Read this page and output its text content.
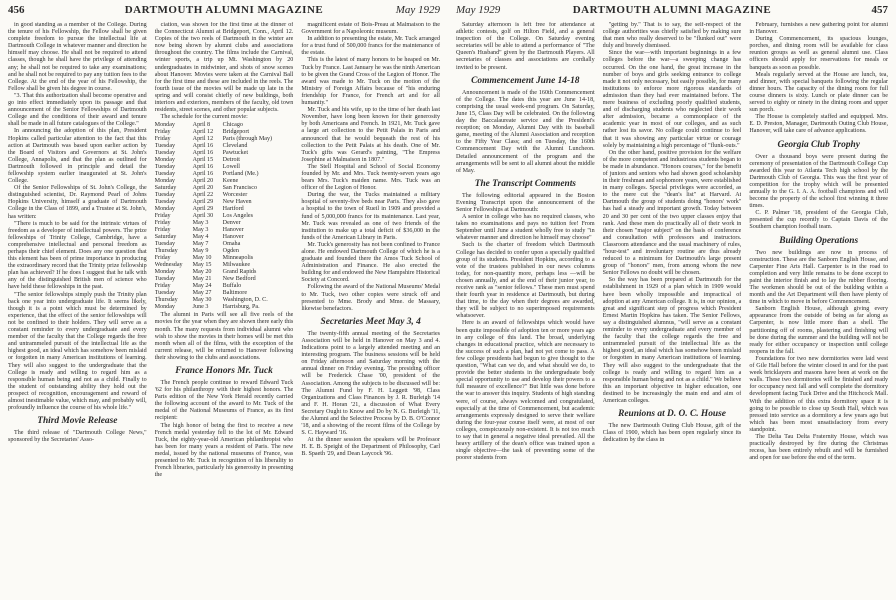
456	DARTMOUTH ALUMNI MAGAZINE	May 1929

in good standing as a member of the College. During the tenure of his Fellowship, the Fellow shall be given complete freedom to pursue the intellectual life at Dartmouth College in whatever manner and direction he himself may choose. He shall not be required to attend classes, though he shall have the privilege of attending any; he shall not be required to take any examinations; and he shall not be required to pay any tuition fees to the College. At the end of the year of his Fellowship, the Fellow shall be given his degree in course.

"3. That this authorization shall become operative and go into effect immediately upon its passage and that announcement of the Senior Fellowships of Dartmouth College and the conditions of their award and tenure shall be made in all future catalogues of the College."

In announcing the adoption of this plan, President Hopkins called particular attention to the fact that this action at Dartmouth was based upon earlier action by the Board of Visitors and Governors at St. John's College, Annapolis, and that the plan as outlined for Dartmouth followed in principle and detail the fellowship system earlier inaugurated at St. John's College.

Of the Senior Fellowships of St. John's College, the distinguished scientist, Dr. Raymond Pearl of Johns Hopkins University, himself a graduate of Dartmouth College in the Class of 1899, and a Trustee at St. John's, has written:

"There is much to be said for the intrinsic virtues of freedom as a developer of intellectual powers. The prize fellowships of Trinity College, Cambridge, have a comprehensive intellectual and personal freedom as perhaps their chief element. Does any one question that this element has been of prime importance in producing the extraordinary record that the Trinity prize fellowship plan has achieved? If he does I suggest that he talk with any of the distinguished British men of science who have held these fellowships in the past.

"The senior fellowships simply push the Trinity plan back one year into undergraduate life. It seems likely, though it is a point which must be determined by experience, that the effect of the senior fellowships will not be confined to their holders. They will serve as a constant reminder to every undergraduate and every member of the faculty that the College regards the free and untrammeled pursuit of the intellectual life as the highest good, an ideal which has somehow been mislaid or forgotten in many American institutions of learning. They will also suggest to the undergraduate that the College is ready and willing to regard him as a responsible human being and not as a child. Finally to the student of outstanding ability they hold out the prospect of recognition, encouragement and reward of almost inestimable value, which may, and probably will, profoundly influence the course of his whole life."

Third Movie Release

The third release of "Dartmouth College News," sponsored by the Secretaries' Asso-

ciation, was shown for the first time at the dinner of the Connecticut Alumni at Bridgeport, Conn., April 12. Copies of the two reels of Dartmouth in the winter are now being shown by alumni clubs and associations throughout the country. The films include the Carnival, winter sports, a trip up Mt. Washington by 20 undergraduates in midwinter, and shots of snow scenes about Hanover. Movies were taken at the Carnival Ball for the first time and these are included in the reels. The fourth issue of the movies will be made up late in the spring and will consist chiefly of new buildings, both interiors and exteriors, members of the faculty, old town residents, street scenes, and other popular subjects.

The schedule for the current movie:

Monday	April 8	Chicago
Friday	April 12	Bridgeport
Friday	April 12	Paris (through May)
Tuesday	April 16	Cleveland
Tuesday	April 16	Pawtucket
Monday	April 15	Detroit
Tuesday	April 16	Lowell
Tuesday	April 16	Portland (Me.)
Monday	April 20	Keene
Saturday	April 20	San Francisco
Tuesday	April 22	Worcester
Tuesday	April 29	New Haven
Monday	April 29	Hartford
Friday	April 30	Los Angeles
Friday	May 3	Denver
Friday	May 3	Hanover
Saturday	May 4	Hanover
Tuesday	May 7	Omaha
Thursday	May 9	Ogden
Friday	May 10	Minneapolis
Wednesday	May 15	Milwaukee
Monday	May 20	Grand Rapids
Tuesday	May 21	New Bedford
Friday	May 24	Buffalo
Tuesday	May 27	Baltimore
Thursday	May 30	Washington, D. C.
Monday	June 3	Harrisburg, Pa.

The alumni in Paris will see all five reels of the movies for the year when they are shown there early this month. The many requests from individual alumni who wish to show the movies in their homes will be met this month when all of the films, with the exception of the current release, will be returned to Hanover following their showing to the clubs and associations.

France Honors Mr. Tuck

The French people continue to reward Edward Tuck '62 for his philanthropy with their highest honors. The Paris edition of the New York Herald recently carried the following account of the award to Mr. Tuck of the medal of the National Museums of France, as its first recipient:

The high honor of being the first to receive a new French medal yesterday fell to the lot of Mr. Edward Tuck, the eighty-year-old American philanthropist who has been for many years a resident of Paris. The new medal, issued by the national museums of France, was presented to Mr. Tuck in recognition of his liberality to French libraries, particularly his generosity in presenting the

magnificent estate of Bois-Preau at Malmaison to the Government for a Napoleonic museum.

In addition to presenting the estate, Mr. Tuck arranged for a trust fund of 500,000 francs for the maintenance of the estate.

This is the latest of many honors to be heaped on Mr. Tuck by France. Last January he was the ninth American to be given the Grand Cross of the Legion of Honor. The award was made to Mr. Tuck on the motion of the Ministry of Foreign Affairs because of "his enduring friendship for France, for French art and for all humanity."

Mr. Tuck and his wife, up to the time of her death last November, have long been known for their generosity by both Americans and French. In 1921, Mr. Tuck gave a large art collection to the Petit Palais in Paris and announced that he would bequeath the rest of his collection to the Petit Palais at his death. One of Mr. Tuck's gifts was Gerard's painting, "The Empress Josephine at Malmaison in 1807."

The Stell Hospital and School of Social Economy founded by Mr. and Mrs. Tuck twenty-seven years ago bears Mrs. Tuck's maiden name. Mrs. Tuck was an officer of the Legion of Honor.

During the war, the Tucks maintained a military hospital of seventy-five beds near Paris. They also gave a hospital to the town of Rueil in 1909 and provided a fund of 5,000,000 francs for its maintenance. Last year, Mr. Tuck was revealed as one of two friends of the institution to make up a total deficit of $36,000 in the funds of the American Library in Paris.

Mr. Tuck's generosity has not been confined to France alone. He endowed Dartmouth College of which he is a graduate and founded there the Amos Tuck School of Administration and Finance. He also erected the building for and endowed the New Hampshire Historical Society at Concord.

Following the award of the National Museums' Medal to Mr. Tuck, two other copies were struck off and presented to Mme. Brody and Mme. de Massary, likewise benefactors.

Secretaries Meet May 3, 4

The twenty-fifth annual meeting of the Secretaries Association will be held in Hanover on May 3 and 4. Indications point to a largely attended meeting and an interesting program. The business sessions will be held on Friday afternoon and Saturday morning with the annual dinner on Friday evening. The presiding officer will be Frederick Chase '00, president of the Association. Among the subjects to be discussed will be: The Alumni Fund by F. H. Leggett '98, Class Organizations and Class Finances by J. R. Burleigh '14 and F. H. Horan '21, a discussion of What Every Secretary Ought to Know and Do by N. G. Burleigh '11, the Alumni and the Selective Process by D. B. O'Connor '18, and a showing of the recent films of the College by S. C. Hayward '16.

At the dinner session the speakers will be Professor H. E. B. Speight of the Department of Philosophy, Carl B. Spaeth '29, and Dean Laycock '96.

May 1929	DARTMOUTH ALUMNI MAGAZINE	457

Saturday afternoon is left free for attendance at athletic contests, golf on Hilton Field, and a general inspection of the College. On Saturday evening secretaries will be able to attend a performance of "The Queen's Husband" given by the Dartmouth Players. All secretaries of classes and associations are cordially invited to be present.

Commencement June 14-18

Announcement is made of the 160th Commencement of the College. The dates this year are June 14-18, comprising the usual week-end program. On Saturday, June 15, Class Day will be celebrated. On the following day the Baccalaureate service and the President's reception; on Monday, Alumni Day with its baseball game, meeting of the Alumni Association and reception to the Fifty Year Class; and on Tuesday, the 160th Commencement Day with the Alumni Luncheon. Detailed announcement of the program and the arrangements will be sent to all alumni about the middle of May.

The Transcript Comments

The following editorial appeared in the Boston Evening Transcript upon the announcement of the Senior Fellowships at Dartmouth:

A senior in college who has no required classes, who takes no examinations and pays no tuition fee! From September until June a student wholly free to study "in whatever manner and direction he himself may choose"

Such is the charter of freedom which Dartmouth College has decided to confer upon a specially qualified group of its students. President Hopkins, according to a vote of the trustees published in our news columns today, for non-quantity more, perhaps less —will be chosen annually, and at the end of their junior year, to receive rank as "senior fellows." These men must spend their fourth year in residence at Dartmouth, but during that time, to the day when their degrees are awarded, they will be subject to no superimposed requirements whatsoever.

Here is an award of fellowships which would have been quite impossible of adoption ten or more years ago in any college of this land. The broad, underlying changes in educational practice, which are necessary to the success of such a plan, had not yet come to pass. A few college presidents had begun to give thought to the question, "What can we do, and what should we do, to provide the better students in the undergraduate body special opportunity to use and develop their powers to a full measure of excellence?" But little was done before the war to answer this inquiry. Students of high standing were, of course, always welcomed and congratulated, especially at the time of Commencement, but academic arrangements expressly designed to serve their welfare during the four-year course itself were, at most of our colleges, conspicuously non-existent. It is not too much to say that in general a negative ideal prevailed. All the heavy artillery of the dean's office was trained upon a single objective—the task of preventing some of the poorer students from

"getting by." That is to say, the self-respect of the college authorities was chiefly satisfied by making sure that men who really deserved to be "flunked out" were duly and bravely dismissed.

Since the war—with important beginnings in a few colleges before the war—a sweeping change has occurred. On the one hand, the great increase in the number of boys and girls seeking entrance to college made it not only necessary, but easily possible, for many institutions to enforce more rigorous standards of admission than they had ever maintained before. The mere business of excluding poorly qualified students, and of discharging students who neglected their work after admission, became a commonplace of the academic year in most of our colleges, and as such rather lost its savor. No college could continue to feel that it was showing any particular virtue or courage solely by maintaining a high percentage of "flunk-outs."

On the other hand, positive provision for the welfare of the more competent and industrious students began to be made in abundance. "Honors courses," for the benefit of juniors and seniors who had shown good scholarship in their freshman and sophomore years, were established in many colleges. Special privileges were accorded, as to the mere cut the "dean's list" at Harvard. At Dartmouth the group of students doing "honors' work" has had a steady and important growth. Today between 20 and 30 per cent of the two upper classes enjoy that rank. And these men do practically all of their work in their chosen "major subject" on the basis of conference and consultation with professors and instructors. Classroom attendance and the usual machinery of rules, "hour-test" and involuntary routine are thus already reduced to a minimum for Dartmouth's large present group of "honors" men, from among whom the new Senior Fellows no doubt will be chosen.

So the way has been prepared at Dartmouth for the establishment in 1929 of a plan which in 1909 would have been wholly impossible and impractical of adoption at any American college. It is, in our opinion, a great and significant step of progress which President Ernest Martin Hopkins has taken. The Senior Fellows, say a distinguished alumnus, "will serve as a constant reminder to every undergraduate and every member of the faculty that the college regards the free and untrammeled pursuit of the intellectual life as the highest good, an ideal which has somehow been mislaid or forgotten in many American institutions of learning. They will also suggest to the undergraduate that the college is ready and willing to regard him as a responsible human being and not as a child." We believe this an important objective in higher education, one destined to be increasingly the main end and aim of American colleges.

Reunions at D. O. C. House

The new Dartmouth Outing Club House, gift of the Class of 1900, which has been open regularly since its dedication by the class in

February, furnishes a new gathering point for alumni in Hanover.

During Commencement, its spacious lounges, porches, and dining room will be available for class reunion groups as well as general alumni use. Class officers should apply for reservations for meals or banquets as soon as possible.

Meals regularly served at the House are lunch, tea, and dinner, with special banquets following the regular dinner hours. The capacity of the dining room for full course dinners is sixty. Lunch or plate dinner can be served to eighty or ninety in the dining room and upper sun porch.

The House is completely staffed and equipped. Mrs. E. D. Preston, Manager, Dartmouth Outing Club House, Hanover, will take care of advance applications.

Georgia Club Trophy

Over a thousand boys were present during the ceremony of presentation of the Dartmouth College Cup awarded this year to Atlanta Tech high school by the Dartmouth Club of Georgia. This was the first year of competition for the trophy which will be presented annually to the G. I. A. A. football champions and will become the property of the school first winning it three times.

C. P. Palmer '18, president of the Georgia Club, presented the cup recently to Captain Davis of the Southern champion football team.

Building Operations

Two new buildings are now in process of construction. These are the Sanborn English House, and Carpenter Fine Arts Hall. Carpenter is in the road to completion and very little remains to be done except to paint the interior finish and to lay the rubber flooring. The workmen should be out of the building within a month and the Art Department will then have plenty of time in which to move in before Commencement.

Sanborn English House, although giving every appearance from the outside of being as far along as Carpenter, is now little more than a shell. The partitioning off of rooms, plastering and finishing will be done during the summer and the building will not be ready for either occupancy or inspection until college reopens in the fall.

Foundations for two new dormitories were laid west of Gile Hall before the winter closed in and for the past week bricklayers and masons have been at work on the walls. These two dormitories will be finished and ready for occupancy next fall and will complete the dormitory development facing Tuck Drive and the Hitchcock Mall. With the addition of this extra dormitory space it is going to be possible to close up South Hall, which was pressed into service as a dormitory a few years ago but which has been most unsatisfactory from every standpoint.

The Delta Tau Delta Fraternity House, which was practically destroyed by fire during the Christmas recess, has been entirely rebuilt and will be furnished and open for use before the end of the term.
